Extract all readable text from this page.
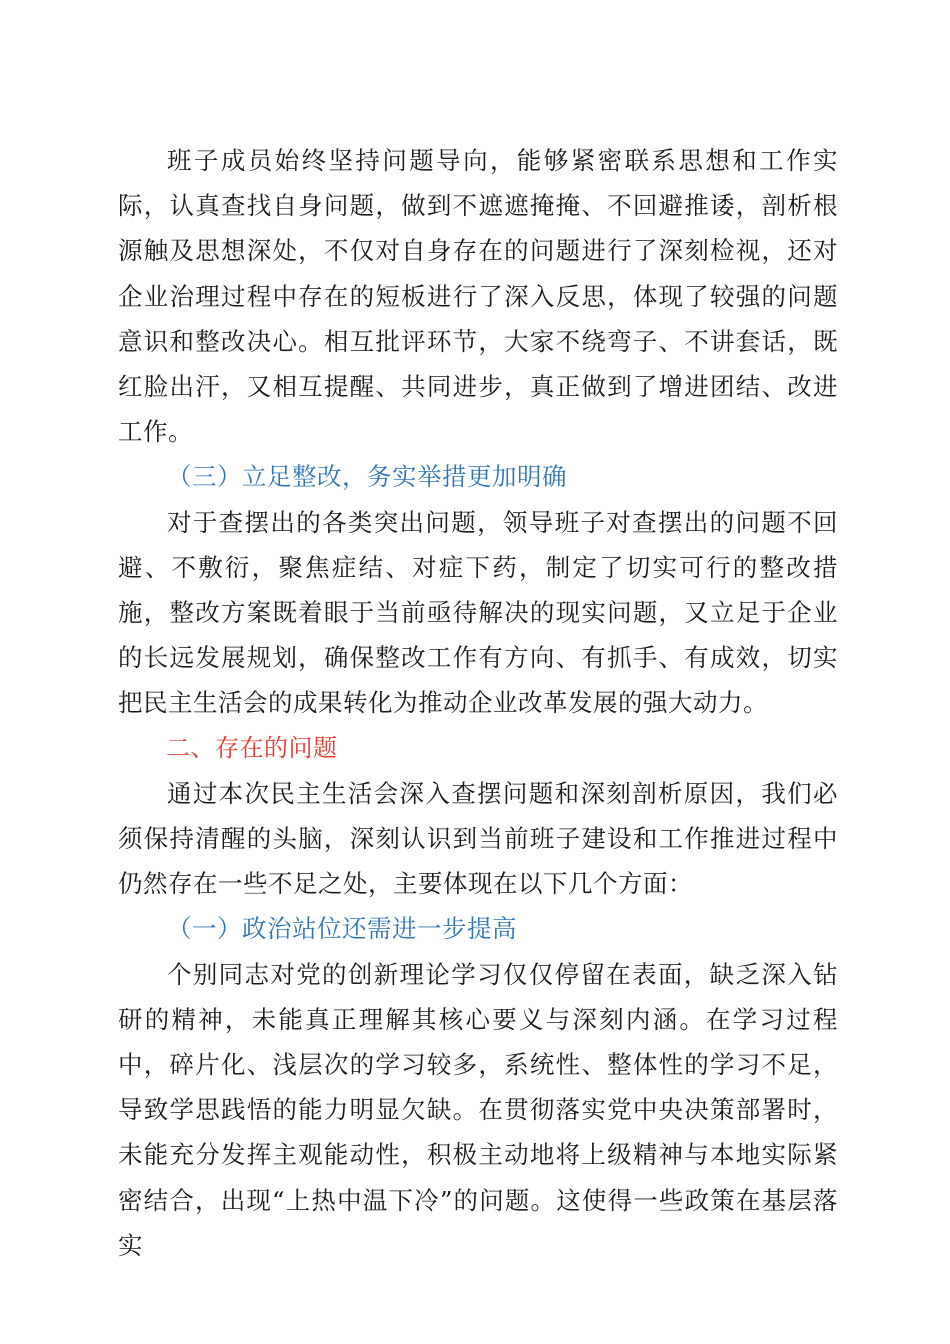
班子成员始终坚持问题导向，能够紧密联系思想和工作实际，认真查找自身问题，做到不遮遮掩掩、不回避推诿，剖析根源触及思想深处，不仅对自身存在的问题进行了深刻检视，还对企业治理过程中存在的短板进行了深入反思，体现了较强的问题意识和整改决心。相互批评环节，大家不绕弯子、不讲套话，既红脸出汗，又相互提醒、共同进步，真正做到了增进团结、改进工作。

（三）立足整改，务实举措更加明确

对于查摆出的各类突出问题，领导班子对查摆出的问题不回避、不敷衍，聚焦症结、对症下药，制定了切实可行的整改措施，整改方案既着眼于当前亟待解决的现实问题，又立足于企业的长远发展规划，确保整改工作有方向、有抓手、有成效，切实把民主生活会的成果转化为推动企业改革发展的强大动力。

二、存在的问题

通过本次民主生活会深入查摆问题和深刻剖析原因，我们必须保持清醒的头脑，深刻认识到当前班子建设和工作推进过程中仍然存在一些不足之处，主要体现在以下几个方面：

（一）政治站位还需进一步提高

个别同志对党的创新理论学习仅仅停留在表面，缺乏深入钻研的精神，未能真正理解其核心要义与深刻内涵。在学习过程中，碎片化、浅层次的学习较多，系统性、整体性的学习不足，导致学思践悟的能力明显欠缺。在贯彻落实党中央决策部署时，未能充分发挥主观能动性，积极主动地将上级精神与本地实际紧密结合，出现“上热中温下冷”的问题。这使得一些政策在基层落实
